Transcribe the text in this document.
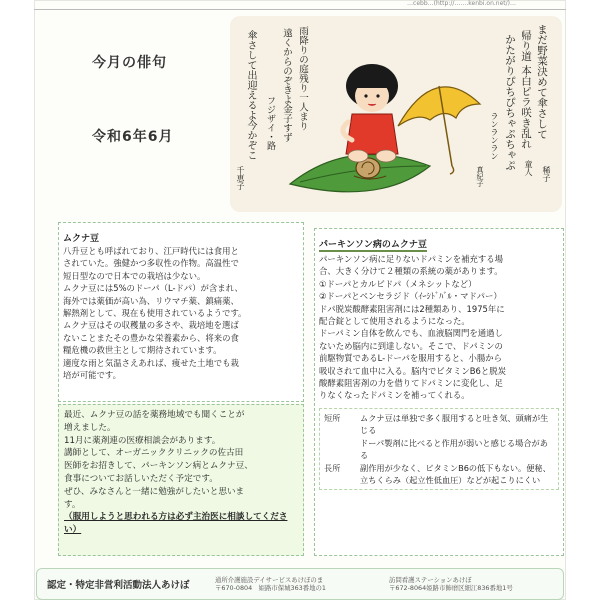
…cebb…(http://…….kenbi.on.net/)…
今月の俳句
令和6年6月	まだ野菜決めて傘さして
帰り道 本白ピラ咲き乱れ
かたがりぴちぴちゃぷちゃぷ
ランランラン
稀子
童人
真紀子
雨降りの庭残り一人まり
遠くからのぞきよ金子すず
フジザイ・路
傘さして出迎えるよ今かぞこ
千恵子
ムクナ豆

八升豆とも呼ばれており、江戸時代には食用と

されていた。強健かつ多収性の作物。高温性で

短日型なので日本での栽培は少ない。

ムクナ豆には5%のドーパ（L-ドパ）が含まれ、

海外では薬価が高い為、リウマチ薬、鎮痛薬、

解熱剤として、現在も使用されているようです。

ムクナ豆はその収穫量の多さや、栽培地を選ば

ないことまたその豊かな栄養素から、将来の食

糧危機の救世主として期待されています。

適度な雨と気温さえあれば、痩せた土地でも栽

培が可能です。

パーキンソン病のムクナ豆

パーキンソン病に足りないドパミンを補充する場

合、大きく分けて２種類の系統の薬があります。

①ドーパとカルビドパ（メネシットなど）

②ドーパとベンセラジド（ｲｰｼﾄﾞﾊﾞﾙ・マドパー）

ドパ脱炭酸酵素阻害剤には2種類あり、1975年に

配合錠として使用されるようになった。

ドーパミン自体を飲んでも、血液脳関門を通過し

ないため脳内に到達しない。そこで、ドパミンの

前駆物質であるL-ドーパを服用すると、小腸から

吸収されて血中に入る。脳内でビタミンB6と脱炭

酸酵素阻害剤の力を借りてドパミンに変化し、足

りなくなったドパミンを補ってくれる。

短所	ムクナ豆は単独で多く服用すると吐き気、頭痛が生じる
ドーパ製剤に比べると作用が弱いと感じる場合がある
長所	副作用が少なく、ビタミンB6の低下もない。便秘、立ちくらみ（起立性低血圧）などが起こりにくい

最近、ムクナ豆の話を薬務地域でも聞くことが

増えました。

11月に薬剤連の医療相談会があります。

講師として、オーガニッククリニックの佐古田

医師をお招きして、パーキンソン病とムクナ豆、

食事についてお話しいただく予定です。

ぜひ、みなさんと一緒に勉強がしたいと思いま

す。

（服用しようと思われる方は必ず主治医に相談してください）

認定・特定非営利活動法人あけぼ	通所介護施設デイサービスあけぼのま
〒670-0804　姫路市保城363番地の1
訪問看護ステーションあけぼ
〒672-8064姫路市飾磨区細江836番地1号
